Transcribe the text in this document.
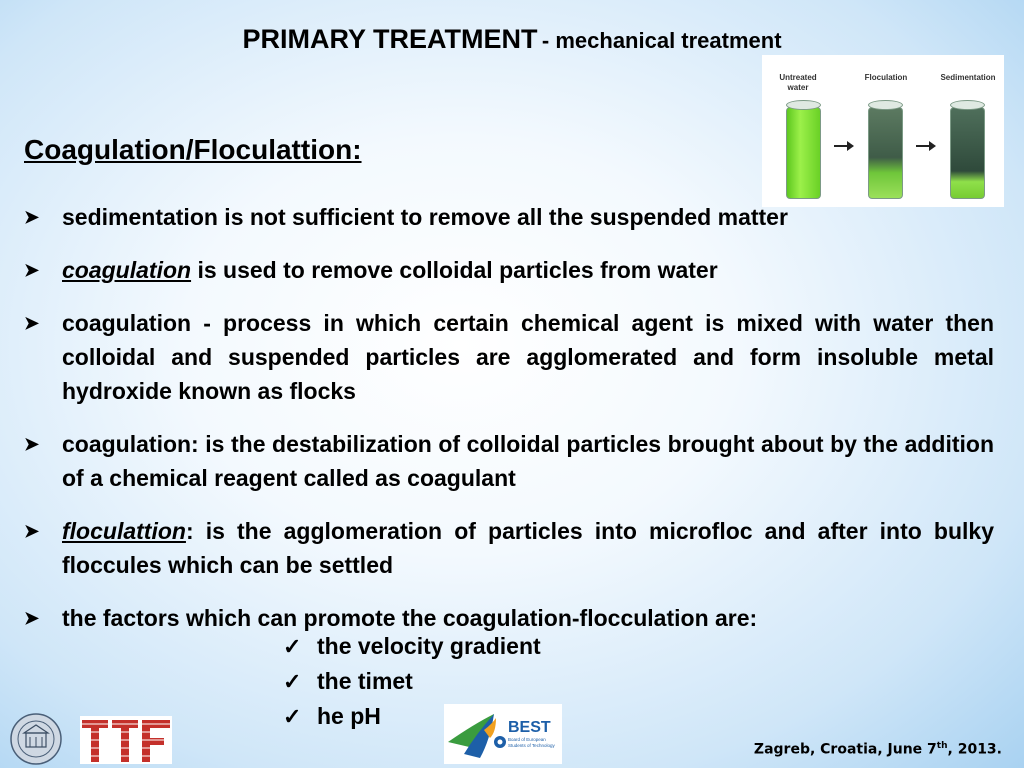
PRIMARY TREATMENT - mechanical treatment
Coagulation/Floculattion:
Untreated water
Floculation	Sedimentation
➤ sedimentation is not sufficient to remove all the suspended matter
➤ coagulation is used to remove colloidal particles from water
➤ coagulation - process in which certain chemical agent is mixed with water then colloidal and suspended particles are agglomerated and form insoluble metal hydroxide known as flocks
➤ coagulation: is the destabilization of colloidal particles brought about by the addition of a chemical reagent called as coagulant
➤ floculattion: is the agglomeration of particles into microfloc and after into bulky floccules which can be settled
➤ the factors which can promote the coagulation-flocculation are:
✓ the velocity gradient
✓ the timet
✓ he pH	BEST
Board of European
Students of Technology	Zagreb, Croatia, June 7th, 2013.
